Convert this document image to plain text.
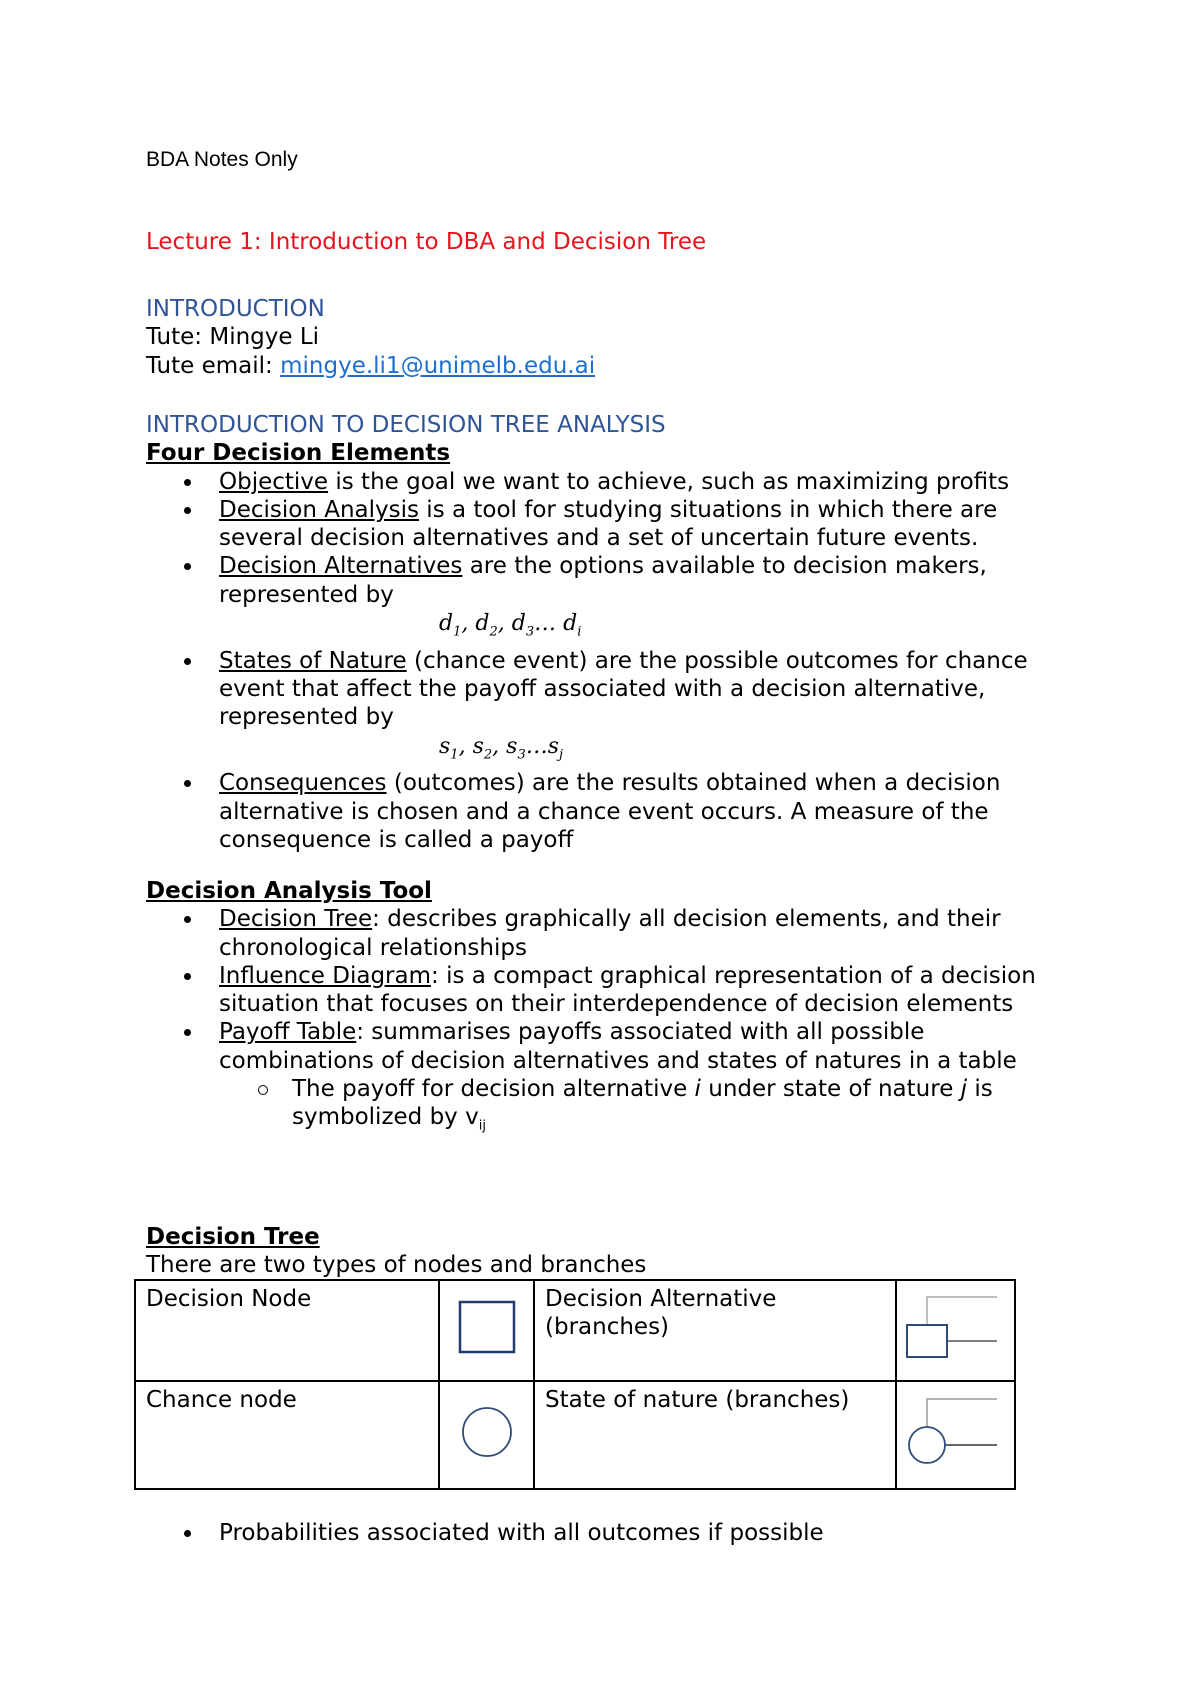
BDA Notes Only
Lecture 1: Introduction to DBA and Decision Tree
INTRODUCTION
Tute: Mingye Li
Tute email: mingye.li1@unimelb.edu.ai
INTRODUCTION TO DECISION TREE ANALYSIS
Four Decision Elements
Objective is the goal we want to achieve, such as maximizing profits
Decision Analysis is a tool for studying situations in which there are several decision alternatives and a set of uncertain future events.
Decision Alternatives are the options available to decision makers, represented by
$d_1$, $d_2$, $d_3\dots$ $d_i$
States of Nature (chance event) are the possible outcomes for chance event that affect the payoff associated with a decision alternative, represented by
$s_1$, $s_2$, $s_3\dots s_j$
Consequences (outcomes) are the results obtained when a decision alternative is chosen and a chance event occurs. A measure of the consequence is called a payoff
Decision Analysis Tool
Decision Tree: describes graphically all decision elements, and their chronological relationships
Influence Diagram: is a compact graphical representation of a decision situation that focuses on their interdependence of decision elements
Payoff Table: summarises payoffs associated with all possible combinations of decision alternatives and states of natures in a table
The payoff for decision alternative i under state of nature j is symbolized by $v_{ij}$
Decision Tree
There are two types of nodes and branches
Decision Node		Decision Alternative (branches)	
Chance node		State of nature (branches)	
Probabilities associated with all outcomes if possible
